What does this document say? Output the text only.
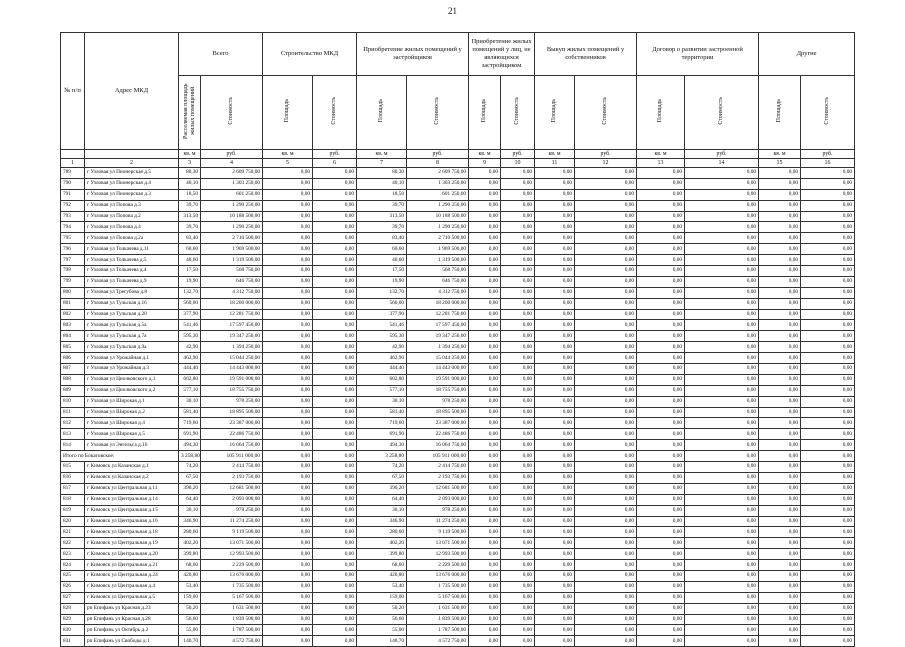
21
№ п/п	Адрес МКД	Всего		Строительство МКД		Приобретение жилых помещений у застройщиков		Приобретение жилых помещений у лиц, не являющихся застройщиком		Выкуп жилых помещений у собственников		Договор о развитии застроенной территории		Другие	
		Расселяемая площадь жилых помещений	Стоимость	Площадь	Стоимость	Площадь	Стоимость	Площадь	Стоимость	Площадь	Стоимость	Площадь	Стоимость	Площадь	Стоимость
		кв. м	руб.	кв. м	руб.	кв. м	руб.	кв. м	руб.	кв. м	руб.	кв. м	руб.	кв. м	руб.
1	2	3	4	5	6	7	8	9	10	11	12	13	14	15	16
789	г Узловая ул Пионерская д.5	80,30	2 609 750,00	0,00	0,00	80,30	2 609 750,00	0,00	0,00	0,00	0,00	0,00	0,00	0,00	0,00
790	г Узловая ул Пионерская д.4	40,10	1 303 250,00	0,00	0,00	40,10	1 303 250,00	0,00	0,00	0,00	0,00	0,00	0,00	0,00	0,00
791	г Узловая ул Пионерская д.3	18,50	601 250,00	0,00	0,00	18,50	601 250,00	0,00	0,00	0,00	0,00	0,00	0,00	0,00	0,00
792	г Узловая ул Попова д.3	39,70	1 290 250,00	0,00	0,00	39,70	1 290 250,00	0,00	0,00	0,00	0,00	0,00	0,00	0,00	0,00
793	г Узловая ул Попова д.2	313,50	10 188 500,00	0,00	0,00	313,50	10 188 500,00	0,00	0,00	0,00	0,00	0,00	0,00	0,00	0,00
794	г Узловая ул Попова д.4	39,70	1 290 250,00	0,00	0,00	39,70	1 290 250,00	0,00	0,00	0,00	0,00	0,00	0,00	0,00	0,00
795	г Узловая ул Попова д.2а	83,40	2 710 500,00	0,00	0,00	83,40	2 710 500,00	0,00	0,00	0,00	0,00	0,00	0,00	0,00	0,00
796	г Узловая ул Толкачева д.11	60,60	1 969 500,00	0,00	0,00	60,60	1 969 500,00	0,00	0,00	0,00	0,00	0,00	0,00	0,00	0,00
797	г Узловая ул Толкачева д.5	40,60	1 319 500,00	0,00	0,00	40,60	1 319 500,00	0,00	0,00	0,00	0,00	0,00	0,00	0,00	0,00
798	г Узловая ул Толкачева д.4	17,50	568 750,00	0,00	0,00	17,50	568 750,00	0,00	0,00	0,00	0,00	0,00	0,00	0,00	0,00
799	г Узловая ул Толкачева д.9	19,90	646 750,00	0,00	0,00	19,90	646 750,00	0,00	0,00	0,00	0,00	0,00	0,00	0,00	0,00
800	г Узловая ул Трегубова д.8	132,70	4 312 750,00	0,00	0,00	132,70	4 312 750,00	0,00	0,00	0,00	0,00	0,00	0,00	0,00	0,00
801	г Узловая ул Тульская д.16	560,00	18 200 000,00	0,00	0,00	560,00	18 200 000,00	0,00	0,00	0,00	0,00	0,00	0,00	0,00	0,00
802	г Узловая ул Тульская д.20	377,90	12 281 750,00	0,00	0,00	377,90	12 281 750,00	0,00	0,00	0,00	0,00	0,00	0,00	0,00	0,00
803	г Узловая ул Тульская д.5а	541,46	17 597 450,00	0,00	0,00	541,46	17 597 450,00	0,00	0,00	0,00	0,00	0,00	0,00	0,00	0,00
804	г Узловая ул Тульская д.7а	595,30	19 347 250,00	0,00	0,00	595,30	19 347 250,00	0,00	0,00	0,00	0,00	0,00	0,00	0,00	0,00
805	г Узловая ул Тульская д.9а	42,90	1 394 250,00	0,00	0,00	42,90	1 394 250,00	0,00	0,00	0,00	0,00	0,00	0,00	0,00	0,00
806	г Узловая ул Урожайная д.1	462,90	15 044 250,00	0,00	0,00	462,90	15 044 250,00	0,00	0,00	0,00	0,00	0,00	0,00	0,00	0,00
807	г Узловая ул Урожайная д.3	444,40	14 443 000,00	0,00	0,00	444,40	14 443 000,00	0,00	0,00	0,00	0,00	0,00	0,00	0,00	0,00
808	г Узловая ул Циолковского д.1	602,80	19 591 000,00	0,00	0,00	602,80	19 591 000,00	0,00	0,00	0,00	0,00	0,00	0,00	0,00	0,00
809	г Узловая ул Циолковского д.2	577,10	18 755 750,00	0,00	0,00	577,10	18 755 750,00	0,00	0,00	0,00	0,00	0,00	0,00	0,00	0,00
810	г Узловая ул Широкая д.1	30,10	978 250,00	0,00	0,00	30,10	978 250,00	0,00	0,00	0,00	0,00	0,00	0,00	0,00	0,00
811	г Узловая ул Широкая д.2	581,40	18 895 500,00	0,00	0,00	581,40	18 895 500,00	0,00	0,00	0,00	0,00	0,00	0,00	0,00	0,00
812	г Узловая ул Широкая д.4	719,60	23 387 000,00	0,00	0,00	719,60	23 387 000,00	0,00	0,00	0,00	0,00	0,00	0,00	0,00	0,00
813	г Узловая ул Широкая д.5	691,90	22 486 750,00	0,00	0,00	691,90	22 486 750,00	0,00	0,00	0,00	0,00	0,00	0,00	0,00	0,00
814	г Узловая ул Энгельса д.16	494,30	16 064 750,00	0,00	0,00	494,30	16 064 750,00	0,00	0,00	0,00	0,00	0,00	0,00	0,00	0,00
Итого по Бокатовское:		3 258,80	105 911 000,00	0,00	0,00	3 258,80	105 911 000,00	0,00	0,00	0,00	0,00	0,00	0,00	0,00	0,00
815	г Кимовск ул Казанская д.1	74,20	2 414 750,00	0,00	0,00	74,20	2 414 750,00	0,00	0,00	0,00	0,00	0,00	0,00	0,00	0,00
816	г Кимовск ул Казанская д.2	67,50	2 193 750,00	0,00	0,00	67,50	2 193 750,00	0,00	0,00	0,00	0,00	0,00	0,00	0,00	0,00
817	г Кимовск ул Центральная д.11	390,20	12 681 500,00	0,00	0,00	390,20	12 681 500,00	0,00	0,00	0,00	0,00	0,00	0,00	0,00	0,00
818	г Кимовск ул Центральная д.14	64,40	2 093 000,00	0,00	0,00	64,40	2 093 000,00	0,00	0,00	0,00	0,00	0,00	0,00	0,00	0,00
819	г Кимовск ул Центральная д.15	30,10	978 250,00	0,00	0,00	30,10	978 250,00	0,00	0,00	0,00	0,00	0,00	0,00	0,00	0,00
820	г Кимовск ул Центральная д.16	346,90	11 274 250,00	0,00	0,00	346,90	11 274 250,00	0,00	0,00	0,00	0,00	0,00	0,00	0,00	0,00
821	г Кимовск ул Центральная д.18	280,60	9 119 500,00	0,00	0,00	280,60	9 119 500,00	0,00	0,00	0,00	0,00	0,00	0,00	0,00	0,00
822	г Кимовск ул Центральная д.19	402,20	13 071 500,00	0,00	0,00	402,20	13 071 500,00	0,00	0,00	0,00	0,00	0,00	0,00	0,00	0,00
823	г Кимовск ул Центральная д.20	399,80	12 993 500,00	0,00	0,00	399,80	12 993 500,00	0,00	0,00	0,00	0,00	0,00	0,00	0,00	0,00
824	г Кимовск ул Центральная д.21	68,60	2 229 500,00	0,00	0,00	68,60	2 229 500,00	0,00	0,00	0,00	0,00	0,00	0,00	0,00	0,00
825	г Кимовск ул Центральная д.24	420,80	13 676 000,00	0,00	0,00	420,80	13 676 000,00	0,00	0,00	0,00	0,00	0,00	0,00	0,00	0,00
826	г Кимовск ул Центральная д.4	53,40	1 735 500,00	0,00	0,00	53,40	1 735 500,00	0,00	0,00	0,00	0,00	0,00	0,00	0,00	0,00
827	г Кимовск ул Центральная д.5	159,00	5 167 500,00	0,00	0,00	159,00	5 167 500,00	0,00	0,00	0,00	0,00	0,00	0,00	0,00	0,00
828	рп Епифань ул Красная д.23	50,20	1 631 500,00	0,00	0,00	50,20	1 631 500,00	0,00	0,00	0,00	0,00	0,00	0,00	0,00	0,00
829	рп Епифань ул Красная д.28	56,60	1 839 500,00	0,00	0,00	56,60	1 839 500,00	0,00	0,00	0,00	0,00	0,00	0,00	0,00	0,00
830	рп Епифань ул Октябрь д.2	55,00	1 787 500,00	0,00	0,00	55,00	1 787 500,00	0,00	0,00	0,00	0,00	0,00	0,00	0,00	0,00
831	рп Епифань ул Свободы д.1	140,70	4 572 750,00	0,00	0,00	140,70	4 572 750,00	0,00	0,00	0,00	0,00	0,00	0,00	0,00	0,00
